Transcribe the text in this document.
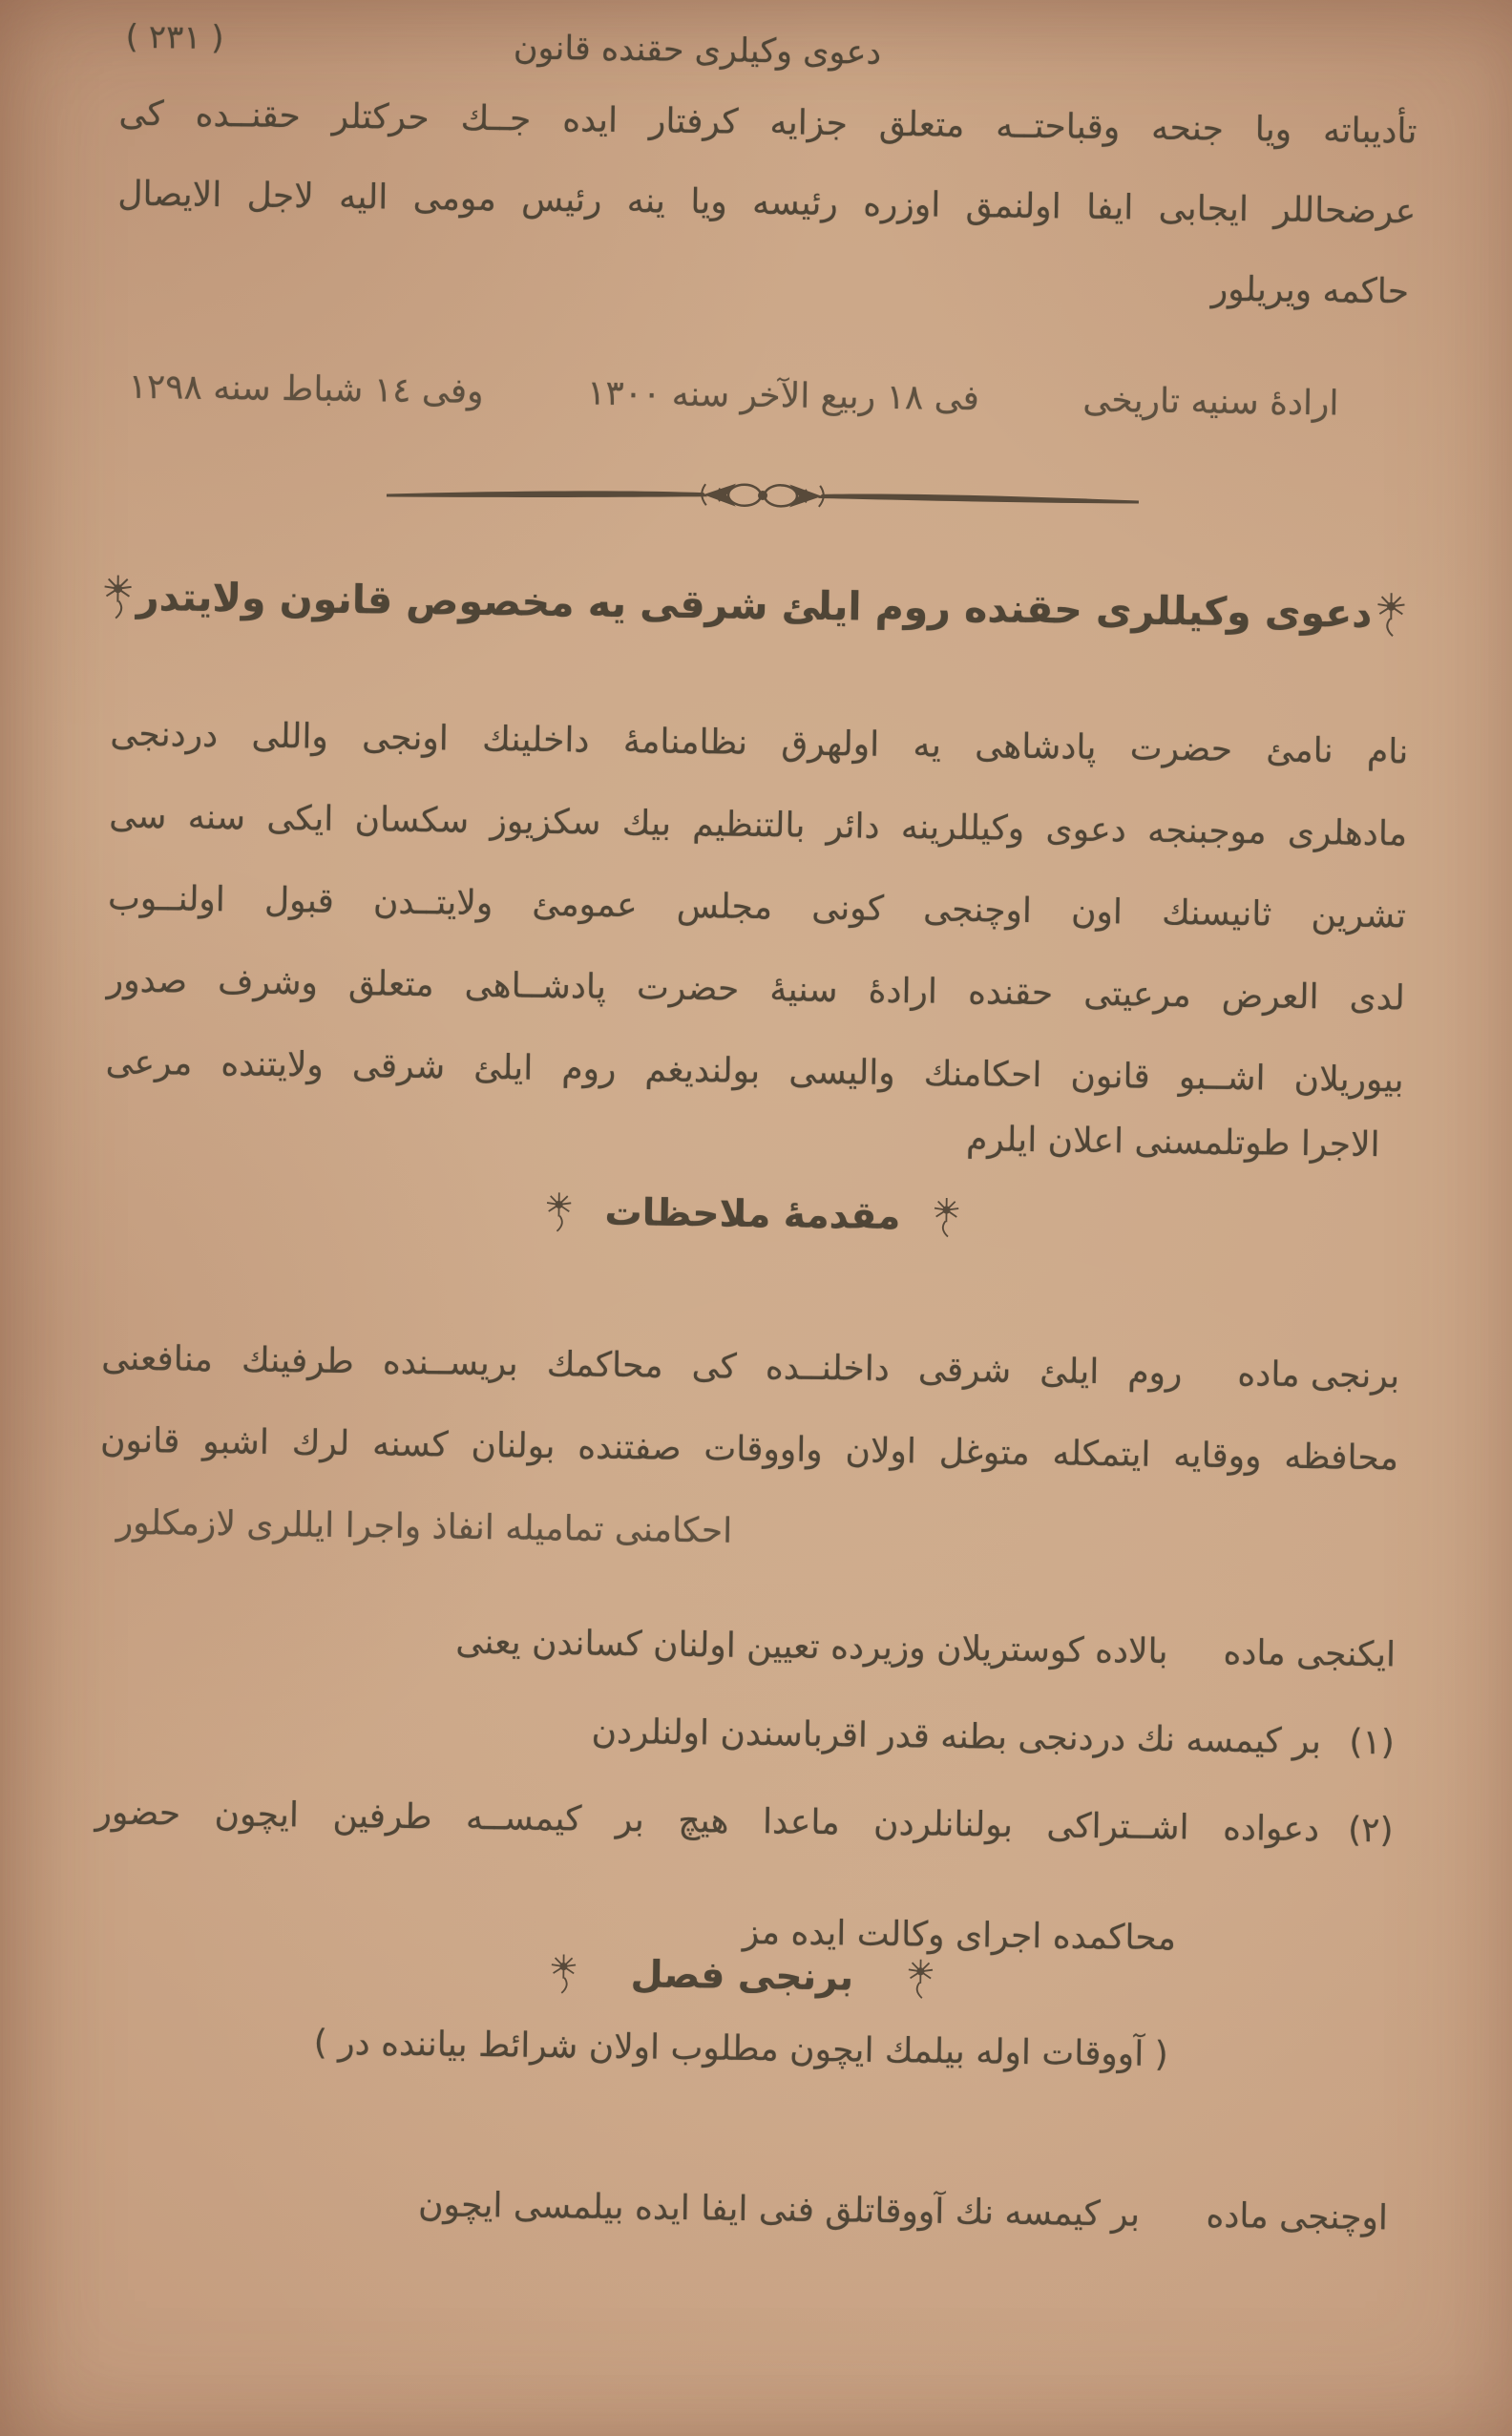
( ٢٣١ )	دعوى وكيلرى حقنده قانون
تأديباته ويا جنحه وقباحتــه متعلق جزايه كرفتار ايده جــك حركتلر حقنــده كى
عرضحاللر ايجابى ايفا اولنمق اوزره رئيسه ويا ينه رئيس مومى اليه لاجل الايصال
حاكمه ويريلور
ارادۀ سنيه تاريخى
فى ١٨ ربيع الآخر سنه ١٣٠٠
وفى ١٤ شباط سنه ١٢٩٨
دعوى وكيللرى حقنده روم ايلئ شرقى يه مخصوص قانون ولايتدر
نام نامئ حضرت پادشاهى يه اولهرق نظامنامۀ داخلينك اونجى واللى دردنجى
مادهلرى موجبنجه دعوى وكيللرينه دائر بالتنظيم بيك سكزيوز سكسان ايكى سنه سى
تشرين ثانيسنك اون اوچنجى كونى مجلس عمومئ ولايتــدن قبول اولنــوب
لدى العرض مرعيتى حقنده ارادۀ سنيۀ حضرت پادشــاهى متعلق وشرف صدور
بيوريلان اشــبو قانون احكامنك واليسى بولنديغم روم ايلئ شرقى ولايتنده مرعى
الاجرا طوتلمسنى اعلان ايلرم
مقدمۀ ملاحظات
برنجى ماده
روم ايلئ شرقى داخلنــده كى محاكمك بريســنده طرفينك منافعنى
محافظه ووقايه ايتمكله متوغل اولان واووقات صفتنده بولنان كسنه لرك اشبو قانون
احكامنى تماميله انفاذ واجرا ايللرى لازمكلور
ايكنجى ماده
بالاده كوستريلان وزيرده تعيين اولنان كساندن يعنى
(١) بر كيمسه نك دردنجى بطنه قدر اقرباسندن اولنلردن
(٢)
دعواده اشــتراكى بولنانلردن ماعدا هيچ بر كيمســه طرفين ايچون حضور
محاكمده اجراى وكالت ايده مز
برنجى فصل
( آووقات اوله بيلمك ايچون مطلوب اولان شرائط بياننده در )
اوچنجى ماده بر كيمسه نك آووقاتلق فنى ايفا ايده بيلمسى ايچون
